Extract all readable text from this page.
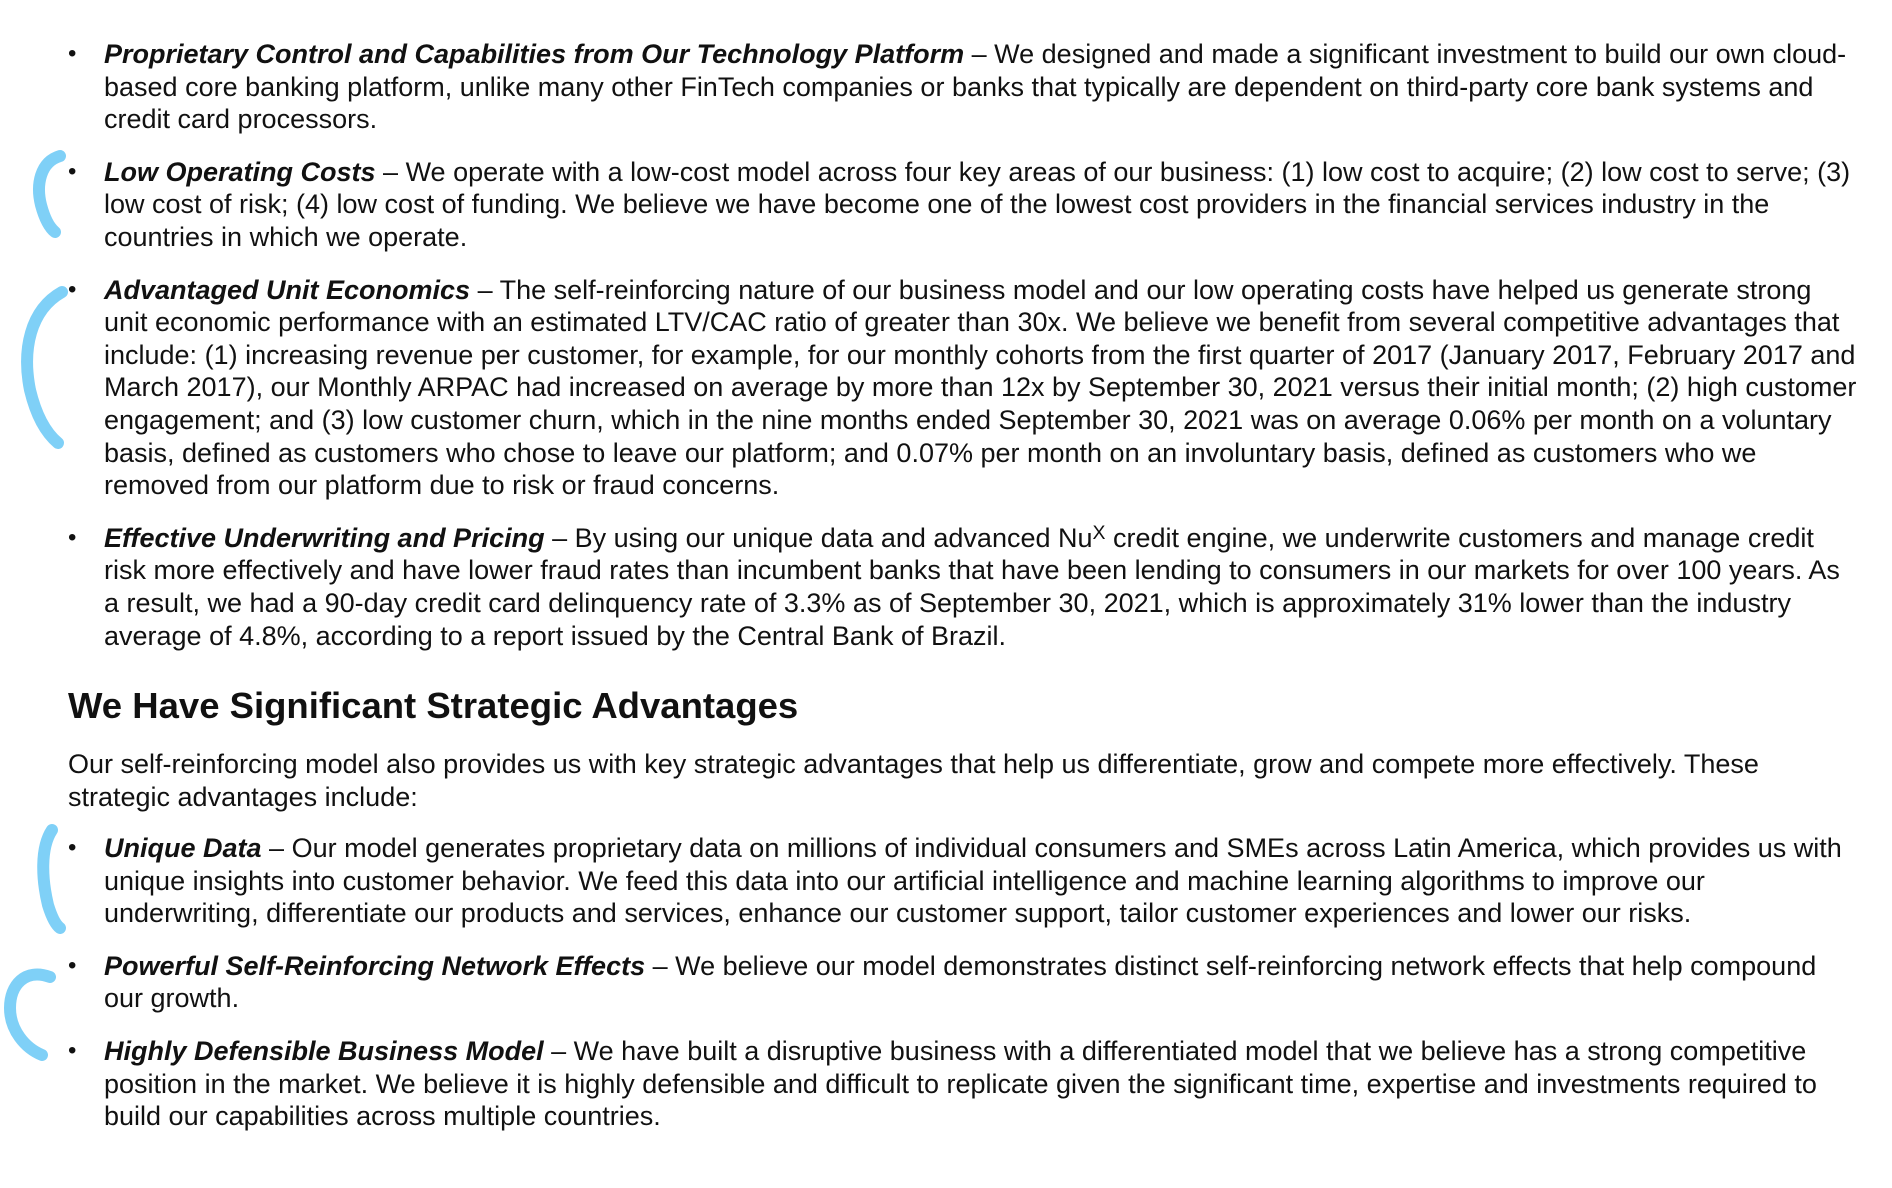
• Proprietary Control and Capabilities from Our Technology Platform – We designed and made a significant investment to build our own cloud-based core banking platform, unlike many other FinTech companies or banks that typically are dependent on third-party core bank systems and credit card processors.
• Low Operating Costs – We operate with a low-cost model across four key areas of our business: (1) low cost to acquire; (2) low cost to serve; (3) low cost of risk; (4) low cost of funding. We believe we have become one of the lowest cost providers in the financial services industry in the countries in which we operate.
• Advantaged Unit Economics – The self-reinforcing nature of our business model and our low operating costs have helped us generate strong unit economic performance with an estimated LTV/CAC ratio of greater than 30x. We believe we benefit from several competitive advantages that include: (1) increasing revenue per customer, for example, for our monthly cohorts from the first quarter of 2017 (January 2017, February 2017 and March 2017), our Monthly ARPAC had increased on average by more than 12x by September 30, 2021 versus their initial month; (2) high customer engagement; and (3) low customer churn, which in the nine months ended September 30, 2021 was on average 0.06% per month on a voluntary basis, defined as customers who chose to leave our platform; and 0.07% per month on an involuntary basis, defined as customers who we removed from our platform due to risk or fraud concerns.
• Effective Underwriting and Pricing – By using our unique data and advanced $Nu^X$ credit engine, we underwrite customers and manage credit risk more effectively and have lower fraud rates than incumbent banks that have been lending to consumers in our markets for over 100 years. As a result, we had a 90-day credit card delinquency rate of 3.3% as of September 30, 2021, which is approximately 31% lower than the industry average of 4.8%, according to a report issued by the Central Bank of Brazil.
We Have Significant Strategic Advantages

Our self-reinforcing model also provides us with key strategic advantages that help us differentiate, grow and compete more effectively. These strategic advantages include:

• Unique Data – Our model generates proprietary data on millions of individual consumers and SMEs across Latin America, which provides us with unique insights into customer behavior. We feed this data into our artificial intelligence and machine learning algorithms to improve our underwriting, differentiate our products and services, enhance our customer support, tailor customer experiences and lower our risks.
• Powerful Self-Reinforcing Network Effects – We believe our model demonstrates distinct self-reinforcing network effects that help compound our growth.
• Highly Defensible Business Model – We have built a disruptive business with a differentiated model that we believe has a strong competitive position in the market. We believe it is highly defensible and difficult to replicate given the significant time, expertise and investments required to build our capabilities across multiple countries.
